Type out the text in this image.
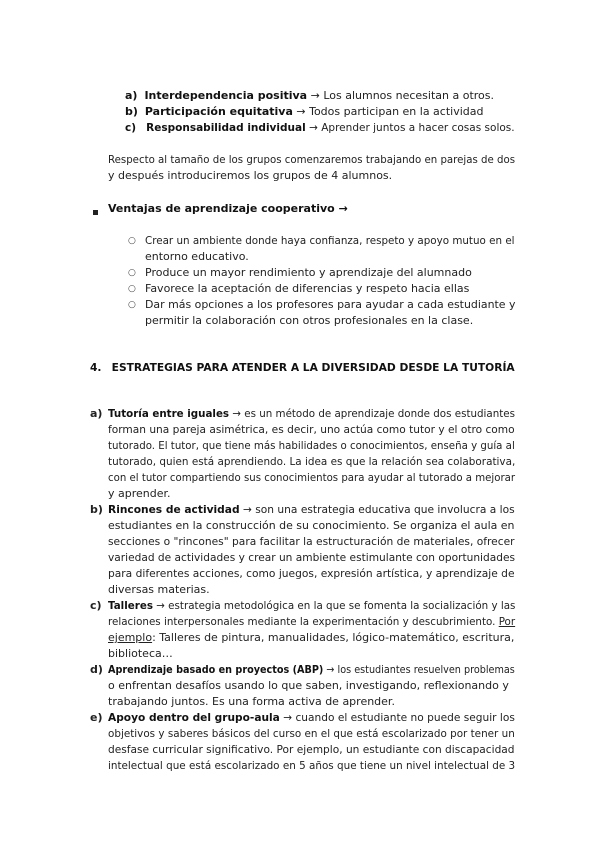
a) Interdependencia positiva → Los alumnos necesitan a otros.
b) Participación equitativa → Todos participan en la actividad
c) Responsabilidad individual → Aprender juntos a hacer cosas solos.
Respecto al tamaño de los grupos comenzaremos trabajando en parejas de dos
y después introduciremos los grupos de 4 alumnos.
Ventajas de aprendizaje cooperativo →
○ Crear un ambiente donde haya confianza, respeto y apoyo mutuo en el
entorno educativo.
○ Produce un mayor rendimiento y aprendizaje del alumnado
○ Favorece la aceptación de diferencias y respeto hacia ellas
○ Dar más opciones a los profesores para ayudar a cada estudiante y
permitir la colaboración con otros profesionales en la clase.
4. ESTRATEGIAS PARA ATENDER A LA DIVERSIDAD DESDE LA TUTORÍA
a) Tutoría entre iguales → es un método de aprendizaje donde dos estudiantes
forman una pareja asimétrica, es decir, uno actúa como tutor y el otro como
tutorado. El tutor, que tiene más habilidades o conocimientos, enseña y guía al
tutorado, quien está aprendiendo. La idea es que la relación sea colaborativa,
con el tutor compartiendo sus conocimientos para ayudar al tutorado a mejorar
y aprender.
b) Rincones de actividad → son una estrategia educativa que involucra a los
estudiantes en la construcción de su conocimiento. Se organiza el aula en
secciones o "rincones" para facilitar la estructuración de materiales, ofrecer
variedad de actividades y crear un ambiente estimulante con oportunidades
para diferentes acciones, como juegos, expresión artística, y aprendizaje de
diversas materias.
c) Talleres → estrategia metodológica en la que se fomenta la socialización y las
relaciones interpersonales mediante la experimentación y descubrimiento. Por
ejemplo: Talleres de pintura, manualidades, lógico-matemático, escritura,
biblioteca…
d) Aprendizaje basado en proyectos (ABP) → los estudiantes resuelven problemas
o enfrentan desafíos usando lo que saben, investigando, reflexionando y
trabajando juntos. Es una forma activa de aprender.
e) Apoyo dentro del grupo-aula → cuando el estudiante no puede seguir los
objetivos y saberes básicos del curso en el que está escolarizado por tener un
desfase curricular significativo. Por ejemplo, un estudiante con discapacidad
intelectual que está escolarizado en 5 años que tiene un nivel intelectual de 3
